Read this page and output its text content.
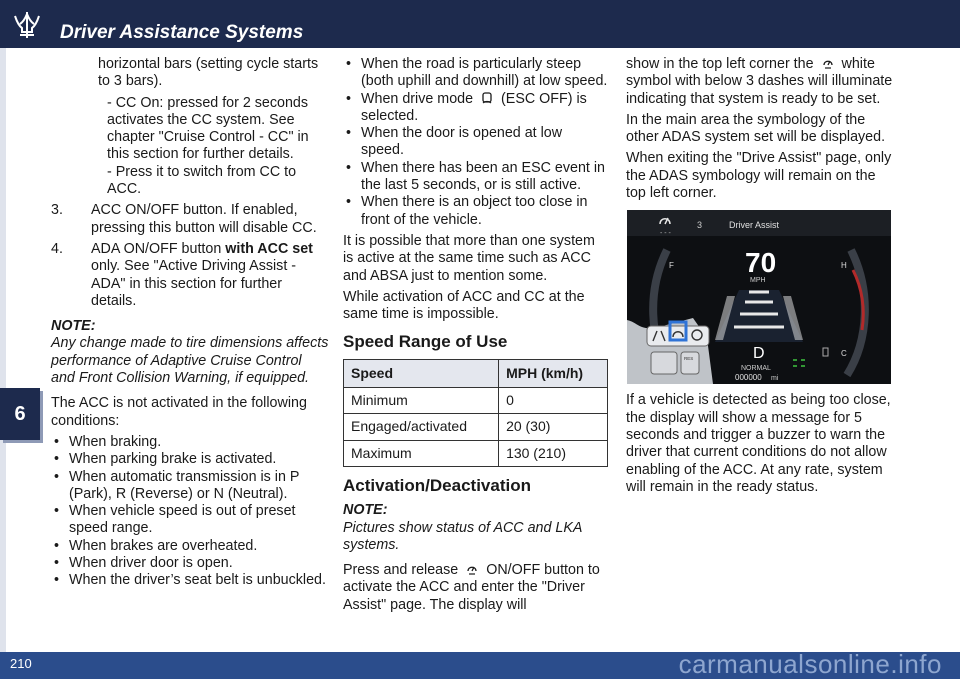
Driver Assistance Systems
6

horizontal bars (setting cycle starts to 3 bars).

- CC On: pressed for 2 seconds activates the CC system. See chapter "Cruise Control - CC" in this section for further details.

- Press it to switch from CC to ACC.

3.	ACC ON/OFF button. If enabled, pressing this button will disable CC.
4.	ADA ON/OFF button with ACC set only. See "Active Driving Assist - ADA" in this section for further details.

NOTE:

Any change made to tire dimensions affects performance of Adaptive Cruise Control and Front Collision Warning, if equipped.

The ACC is not activated in the following conditions:

• When braking.
• When parking brake is activated.
• When automatic transmission is in P (Park), R (Reverse) or N (Neutral).
• When vehicle speed is out of preset speed range.
• When brakes are overheated.
• When driver door is open.
• When the driver’s seat belt is unbuckled.
• When the road is particularly steep (both uphill and downhill) at low speed.
• When drive mode (ESC OFF) is selected.
• When the door is opened at low speed.
• When there has been an ESC event in the last 5 seconds, or is still active.
• When there is an object too close in front of the vehicle.

It is possible that more than one system is active at the same time such as ACC and ABSA just to mention some.

While activation of ACC and CC at the same time is impossible.

Speed Range of Use
Speed	MPH (km/h)
Minimum	0
Engaged/activated	20 (30)
Maximum	130 (210)
Activation/Deactivation

NOTE:

Pictures show status of ACC and LKA systems.

Press and release ON/OFF button to activate the ACC and enter the "Driver Assist" page. The display will

show in the top left corner the white symbol with below 3 dashes will illuminate indicating that system is ready to be set.

In the main area the symbology of the other ADAS system set will be displayed.

When exiting the "Drive Assist" page, only the ADAS symbology will remain on the top left corner.

- - -
3	Driver Assist
F	H
C
70
MPH
D
NORMAL
000000 mi
RES

If a vehicle is detected as being too close, the display will show a message for 5 seconds and trigger a buzzer to warn the driver that current conditions do not allow enabling of the ACC. At any rate, system will remain in the ready status.

210	carmanualsonline.info
